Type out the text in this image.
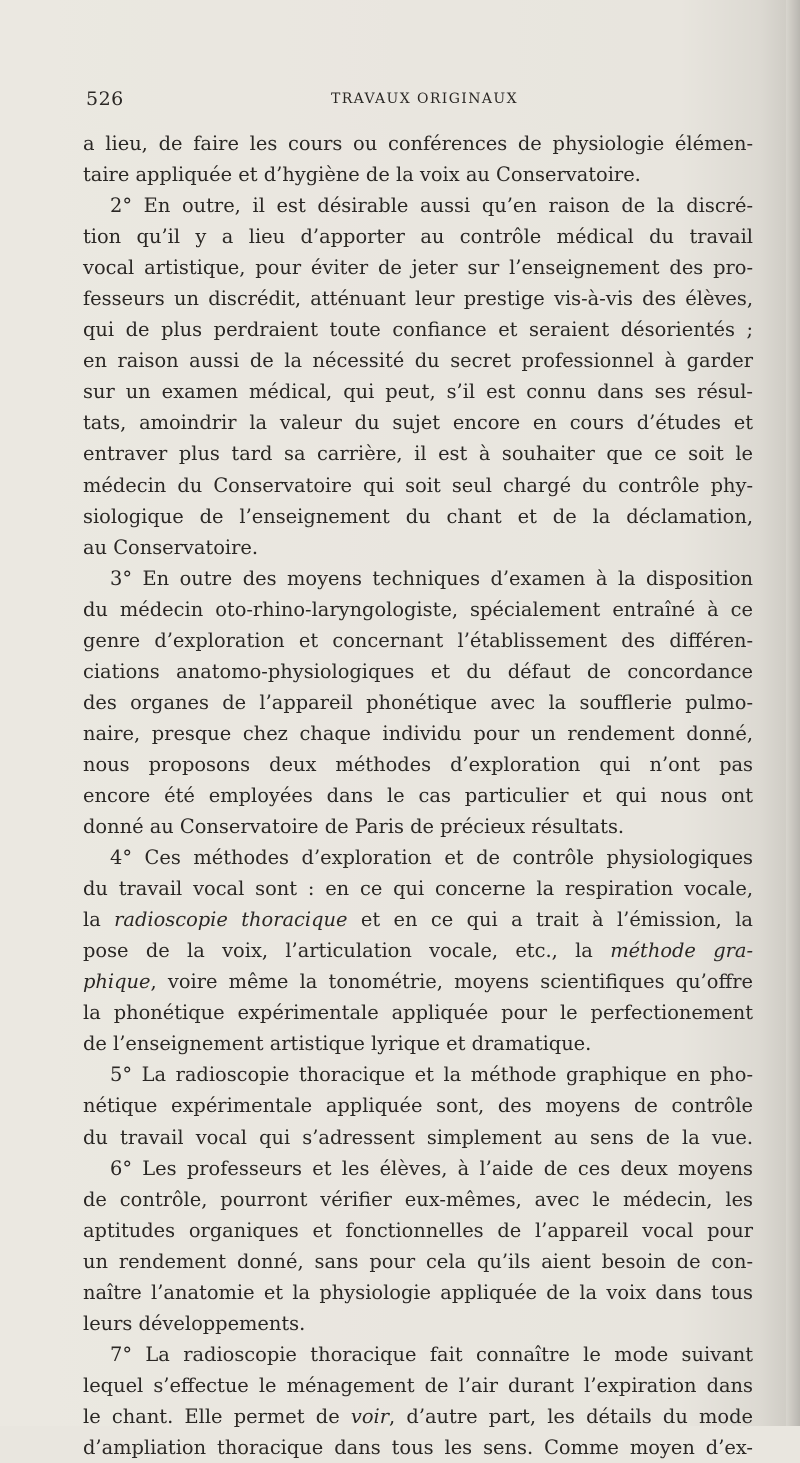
526	TRAVAUX ORIGINAUX
a lieu, de faire les cours ou conférences de physiologie élémen-
taire appliquée et d’hygiène de la voix au Conservatoire.
2° En outre, il est désirable aussi qu’en raison de la discré-
tion qu’il y a lieu d’apporter au contrôle médical du travail
vocal artistique, pour éviter de jeter sur l’enseignement des pro-
fesseurs un discrédit, atténuant leur prestige vis-à-vis des élèves,
qui de plus perdraient toute confiance et seraient désorientés ;
en raison aussi de la nécessité du secret professionnel à garder
sur un examen médical, qui peut, s’il est connu dans ses résul-
tats, amoindrir la valeur du sujet encore en cours d’études et
entraver plus tard sa carrière, il est à souhaiter que ce soit le
médecin du Conservatoire qui soit seul chargé du contrôle phy-
siologique de l’enseignement du chant et de la déclamation,
au Conservatoire.
3° En outre des moyens techniques d’examen à la disposition
du médecin oto-rhino-laryngologiste, spécialement entraîné à ce
genre d’exploration et concernant l’établissement des différen-
ciations anatomo-physiologiques et du défaut de concordance
des organes de l’appareil phonétique avec la soufflerie pulmo-
naire, presque chez chaque individu pour un rendement donné,
nous proposons deux méthodes d’exploration qui n’ont pas
encore été employées dans le cas particulier et qui nous ont
donné au Conservatoire de Paris de précieux résultats.
4° Ces méthodes d’exploration et de contrôle physiologiques
du travail vocal sont : en ce qui concerne la respiration vocale,
la radioscopie thoracique et en ce qui a trait à l’émission, la
pose de la voix, l’articulation vocale, etc., la méthode gra-
phique, voire même la tonométrie, moyens scientifiques qu’offre
la phonétique expérimentale appliquée pour le perfectionement
de l’enseignement artistique lyrique et dramatique.
5° La radioscopie thoracique et la méthode graphique en pho-
nétique expérimentale appliquée sont, des moyens de contrôle
du travail vocal qui s’adressent simplement au sens de la vue.
6° Les professeurs et les élèves, à l’aide de ces deux moyens
de contrôle, pourront vérifier eux-mêmes, avec le médecin, les
aptitudes organiques et fonctionnelles de l’appareil vocal pour
un rendement donné, sans pour cela qu’ils aient besoin de con-
naître l’anatomie et la physiologie appliquée de la voix dans tous
leurs développements.
7° La radioscopie thoracique fait connaître le mode suivant
lequel s’effectue le ménagement de l’air durant l’expiration dans
le chant. Elle permet de voir, d’autre part, les détails du mode
d’ampliation thoracique dans tous les sens. Comme moyen d’ex-
